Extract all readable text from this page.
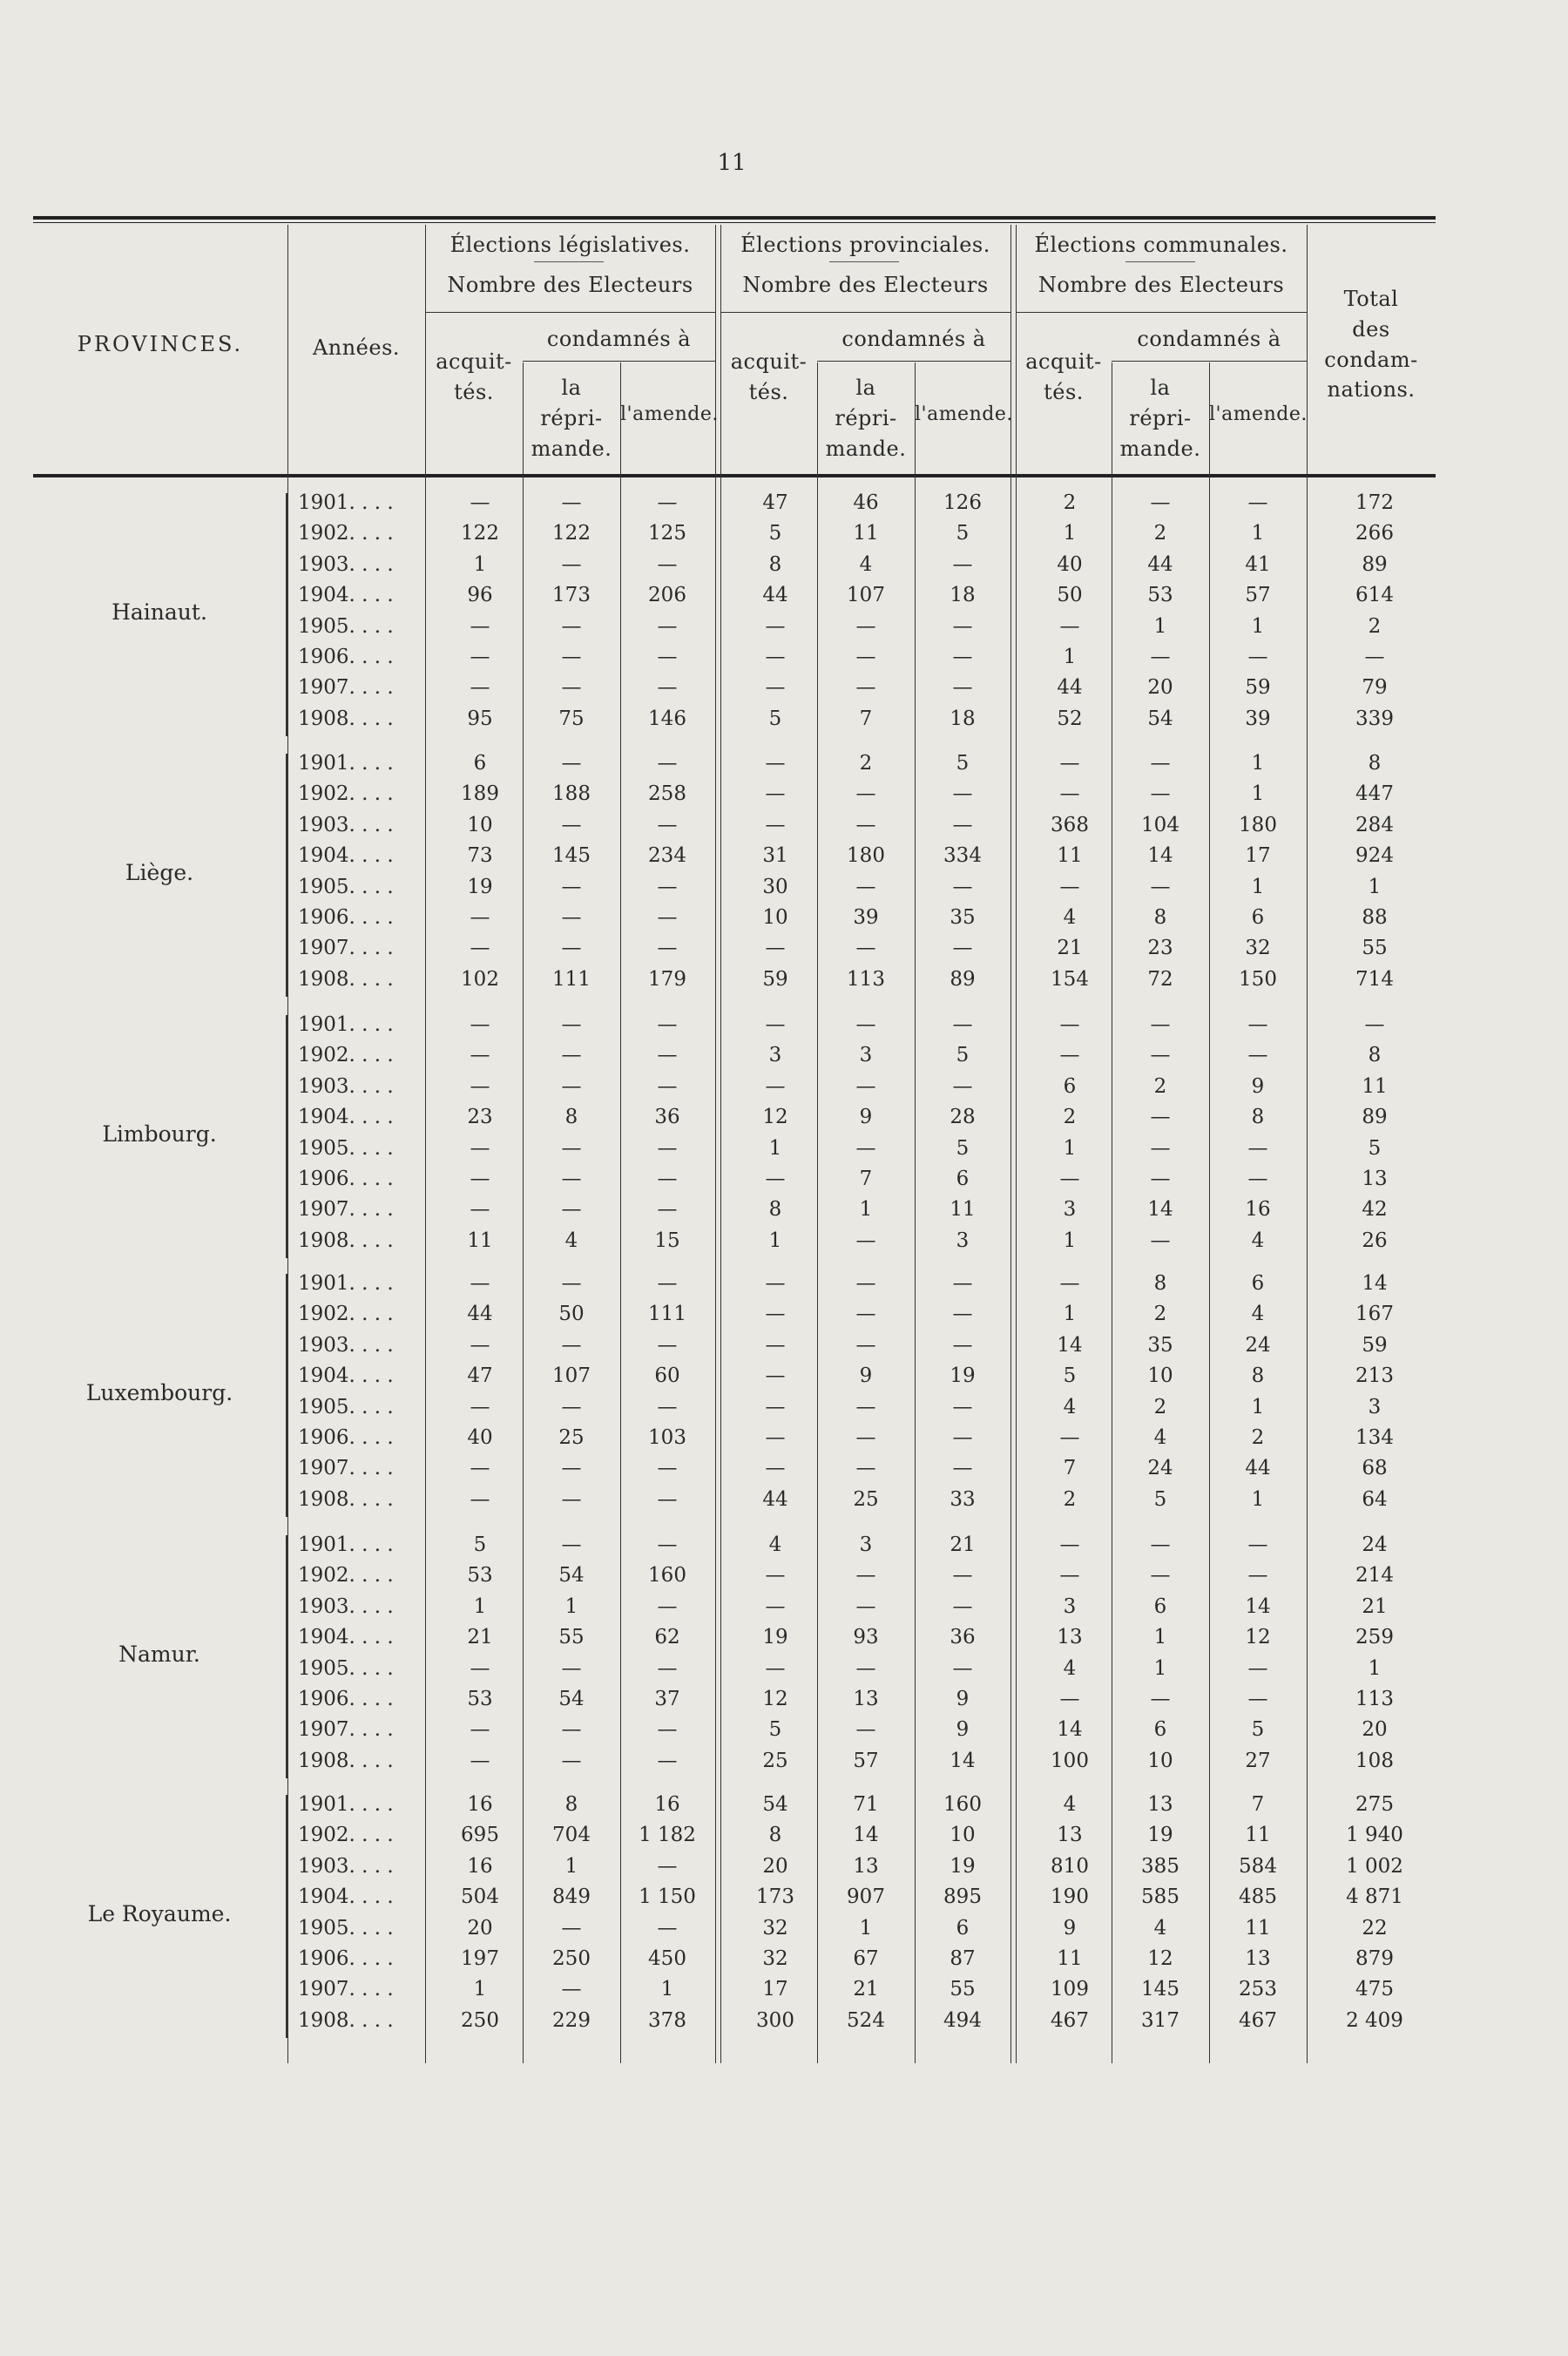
11
PROVINCES.	Années.
Élections législatives.
Nombre des Electeurs
Élections provinciales.
Nombre des Electeurs
Élections communales.
Nombre des Electeurs
condamnés à
acquit-
tés.	la
répri-
mande.
l'amende.
condamnés à
acquit-
tés.	la
répri-
mande.
l'amende.
condamnés à
acquit-
tés.	la
répri-
mande.
l'amende.
Total
des
condam-
nations.
Hainaut.
1901. . . .	—	—	—	47	46	126	2	—	—	172
1902. . . .	122	122	125	5	11	5	1	2	1	266
1903. . . .	1	—	—	8	4	—	40	44	41	89
1904. . . .	96	173	206	44	107	18	50	53	57	614
1905. . . .	—	—	—	—	—	—	—	1	1	2
1906. . . .	—	—	—	—	—	—	1	—	—	—
1907. . . .	—	—	—	—	—	—	44	20	59	79
1908. . . .	95	75	146	5	7	18	52	54	39	339
Liège.
1901. . . .	6	—	—	—	2	5	—	—	1	8
1902. . . .	189	188	258	—	—	—	—	—	1	447
1903. . . .	10	—	—	—	—	—	368	104	180	284
1904. . . .	73	145	234	31	180	334	11	14	17	924
1905. . . .	19	—	—	30	—	—	—	—	1	1
1906. . . .	—	—	—	10	39	35	4	8	6	88
1907. . . .	—	—	—	—	—	—	21	23	32	55
1908. . . .	102	111	179	59	113	89	154	72	150	714
Limbourg.
1901. . . .	—	—	—	—	—	—	—	—	—	—
1902. . . .	—	—	—	3	3	5	—	—	—	8
1903. . . .	—	—	—	—	—	—	6	2	9	11
1904. . . .	23	8	36	12	9	28	2	—	8	89
1905. . . .	—	—	—	1	—	5	1	—	—	5
1906. . . .	—	—	—	—	7	6	—	—	—	13
1907. . . .	—	—	—	8	1	11	3	14	16	42
1908. . . .	11	4	15	1	—	3	1	—	4	26
Luxembourg.
1901. . . .	—	—	—	—	—	—	—	8	6	14
1902. . . .	44	50	111	—	—	—	1	2	4	167
1903. . . .	—	—	—	—	—	—	14	35	24	59
1904. . . .	47	107	60	—	9	19	5	10	8	213
1905. . . .	—	—	—	—	—	—	4	2	1	3
1906. . . .	40	25	103	—	—	—	—	4	2	134
1907. . . .	—	—	—	—	—	—	7	24	44	68
1908. . . .	—	—	—	44	25	33	2	5	1	64
Namur.
1901. . . .	5	—	—	4	3	21	—	—	—	24
1902. . . .	53	54	160	—	—	—	—	—	—	214
1903. . . .	1	1	—	—	—	—	3	6	14	21
1904. . . .	21	55	62	19	93	36	13	1	12	259
1905. . . .	—	—	—	—	—	—	4	1	—	1
1906. . . .	53	54	37	12	13	9	—	—	—	113
1907. . . .	—	—	—	5	—	9	14	6	5	20
1908. . . .	—	—	—	25	57	14	100	10	27	108
Le Royaume.
1901. . . .	16	8	16	54	71	160	4	13	7	275
1902. . . .	695	704	1 182	8	14	10	13	19	11	1 940
1903. . . .	16	1	—	20	13	19	810	385	584	1 002
1904. . . .	504	849	1 150	173	907	895	190	585	485	4 871
1905. . . .	20	—	—	32	1	6	9	4	11	22
1906. . . .	197	250	450	32	67	87	11	12	13	879
1907. . . .	1	—	1	17	21	55	109	145	253	475
1908. . . .	250	229	378	300	524	494	467	317	467	2 409
